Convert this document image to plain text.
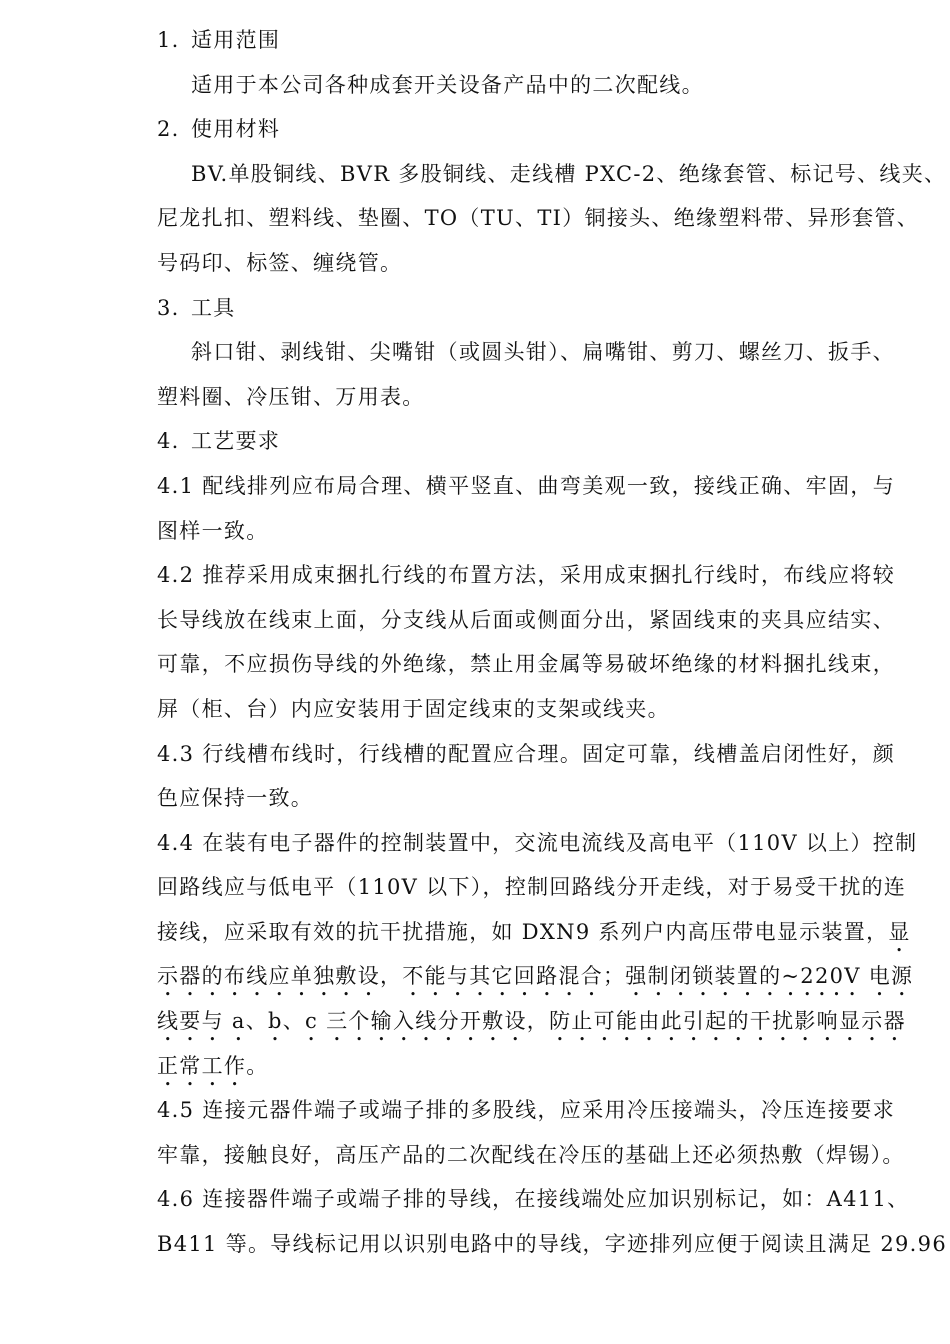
1. 适用范围
适用于本公司各种成套开关设备产品中的二次配线。
2. 使用材料
BV.单股铜线、BVR 多股铜线、走线槽 PXC-2、绝缘套管、标记号、线夹、
尼龙扎扣、塑料线、垫圈、TO（TU、TI）铜接头、绝缘塑料带、异形套管、
号码印、标签、缠绕管。
3. 工具
斜口钳、剥线钳、尖嘴钳（或圆头钳）、扁嘴钳、剪刀、螺丝刀、扳手、
塑料圈、冷压钳、万用表。
4. 工艺要求
4.1 配线排列应布局合理、横平竖直、曲弯美观一致，接线正确、牢固，与
图样一致。
4.2 推荐采用成束捆扎行线的布置方法，采用成束捆扎行线时，布线应将较
长导线放在线束上面，分支线从后面或侧面分出，紧固线束的夹具应结实、
可靠，不应损伤导线的外绝缘，禁止用金属等易破坏绝缘的材料捆扎线束，
屏（柜、台）内应安装用于固定线束的支架或线夹。
4.3 行线槽布线时，行线槽的配置应合理。固定可靠，线槽盖启闭性好，颜
色应保持一致。
4.4 在装有电子器件的控制装置中，交流电流线及高电平（110V 以上）控制
回路线应与低电平（110V 以下），控制回路线分开走线，对于易受干扰的连
接线，应采取有效的抗干扰措施，如 DXN9 系列户内高压带电显示装置，显
示器的布线应单独敷设，不能与其它回路混合；强制闭锁装置的~220V 电源
线要与 a、b、c 三个输入线分开敷设，防止可能由此引起的干扰影响显示器
正常工作。
4.5 连接元器件端子或端子排的多股线，应采用冷压接端头，冷压连接要求
牢靠，接触良好，高压产品的二次配线在冷压的基础上还必须热敷（焊锡）。
4.6 连接器件端子或端子排的导线，在接线端处应加识别标记，如：A411、
B411 等。导线标记用以识别电路中的导线，字迹排列应便于阅读且满足 29.96
